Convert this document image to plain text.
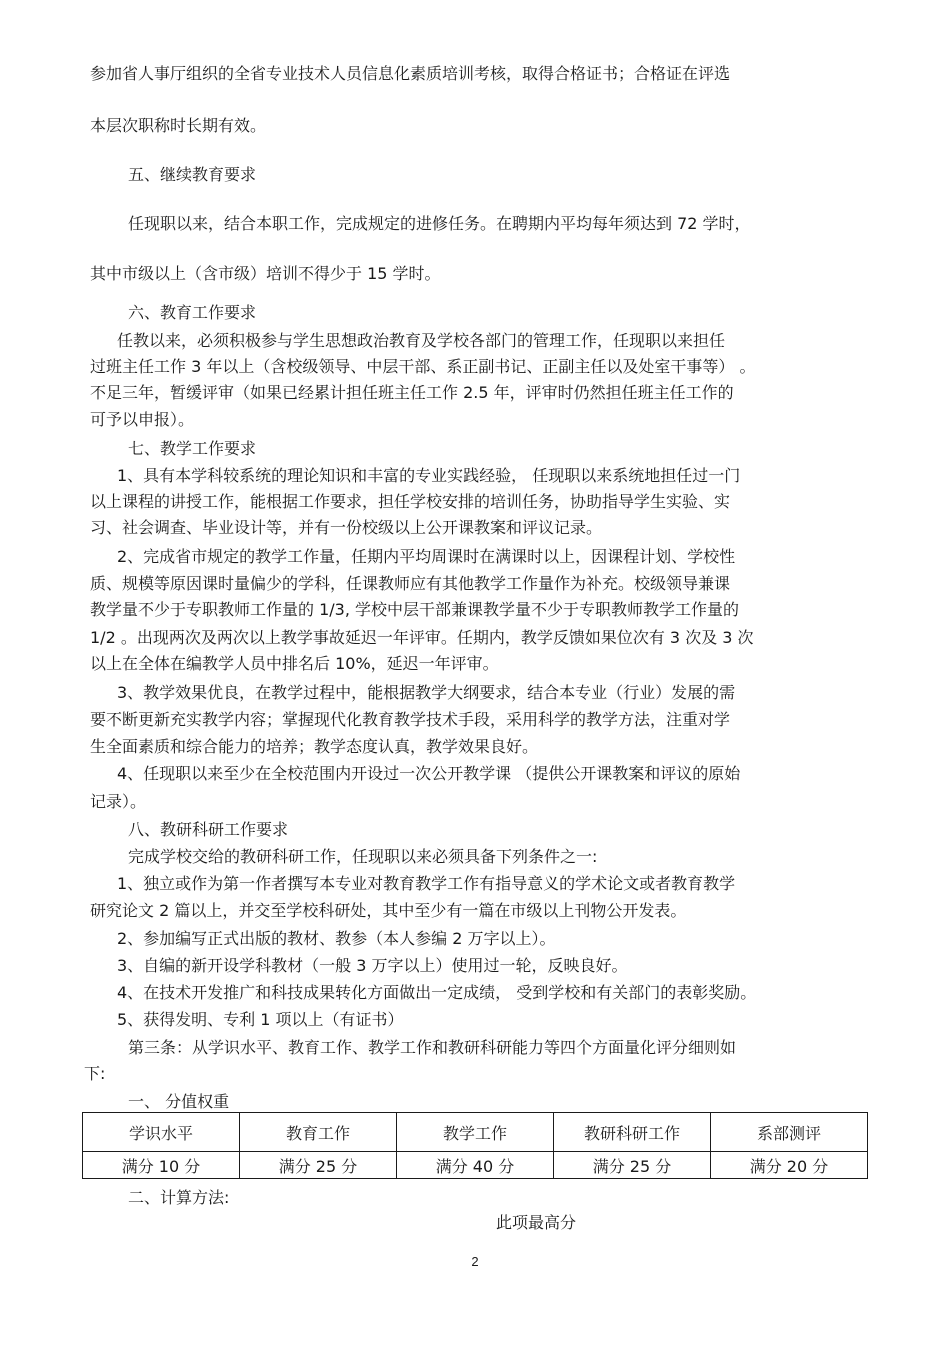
参加省人事厅组织的全省专业技术人员信息化素质培训考核，取得合格证书；合格证在评选
本层次职称时长期有效。
五、继续教育要求
任现职以来，结合本职工作，完成规定的进修任务。在聘期内平均每年须达到 72 学时，
其中市级以上（含市级）培训不得少于 15 学时。
六、教育工作要求
任教以来，必须积极参与学生思想政治教育及学校各部门的管理工作，任现职以来担任
过班主任工作 3 年以上（含校级领导、中层干部、系正副书记、正副主任以及处室干事等） 。
不足三年，暂缓评审（如果已经累计担任班主任工作 2.5 年，评审时仍然担任班主任工作的
可予以申报）。
七、教学工作要求
1、具有本学科较系统的理论知识和丰富的专业实践经验， 任现职以来系统地担任过一门
以上课程的讲授工作，能根据工作要求，担任学校安排的培训任务，协助指导学生实验、实
习、社会调查、毕业设计等，并有一份校级以上公开课教案和评议记录。
2、完成省市规定的教学工作量，任期内平均周课时在满课时以上，因课程计划、学校性
质、规模等原因课时量偏少的学科，任课教师应有其他教学工作量作为补充。校级领导兼课
教学量不少于专职教师工作量的 1/3, 学校中层干部兼课教学量不少于专职教师教学工作量的
1/2 。出现两次及两次以上教学事故延迟一年评审。任期内，教学反馈如果位次有 3 次及 3 次
以上在全体在编教学人员中排名后 10%，延迟一年评审。
3、教学效果优良，在教学过程中，能根据教学大纲要求，结合本专业（行业）发展的需
要不断更新充实教学内容；掌握现代化教育教学技术手段，采用科学的教学方法，注重对学
生全面素质和综合能力的培养；教学态度认真，教学效果良好。
4、任现职以来至少在全校范围内开设过一次公开教学课 （提供公开课教案和评议的原始
记录）。
八、教研科研工作要求
完成学校交给的教研科研工作，任现职以来必须具备下列条件之一:
1、独立或作为第一作者撰写本专业对教育教学工作有指导意义的学术论文或者教育教学
研究论文 2 篇以上，并交至学校科研处，其中至少有一篇在市级以上刊物公开发表。
2、参加编写正式出版的教材、教参（本人参编 2 万字以上）。
3、自编的新开设学科教材（一般 3 万字以上）使用过一轮，反映良好。
4、在技术开发推广和科技成果转化方面做出一定成绩， 受到学校和有关部门的表彰奖励。
5、获得发明、专利 1 项以上（有证书）
第三条：从学识水平、教育工作、教学工作和教研科研能力等四个方面量化评分细则如
下:
一、 分值权重
学识水平	教育工作	教学工作	教研科研工作	系部测评
满分 10 分	满分 25 分	满分 40 分	满分 25 分	满分 20 分
二、计算方法:
此项最高分
2
